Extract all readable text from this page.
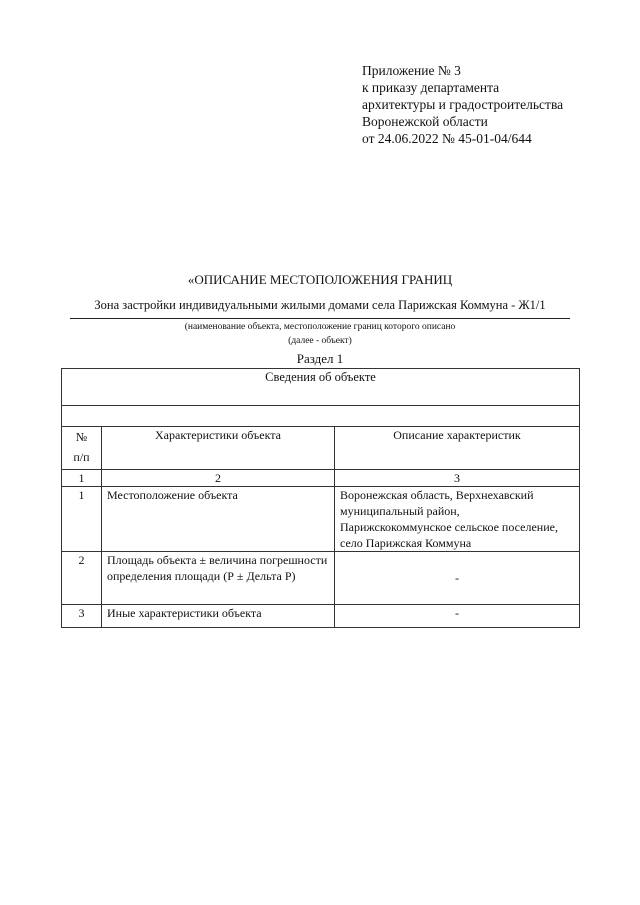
Приложение № 3
к приказу департамента
архитектуры и градостроительства
Воронежской области
от 24.06.2022 № 45-01-04/644
«ОПИСАНИЕ МЕСТОПОЛОЖЕНИЯ ГРАНИЦ
Зона застройки индивидуальными жилыми домами села Парижская Коммуна - Ж1/1
(наименование объекта, местоположение границ которого описано
(далее - объект)
Раздел 1
Сведения об объекте		

№
п/п	Характеристики объекта	Описание характеристик
1	2	3
1	Местоположение объекта	Воронежская область, Верхнехавский муниципальный район, Парижскокоммунское сельское поселение, село Парижская Коммуна
2	Площадь объекта ± величина погрешности определения площади (Р ± Дельта Р)	-
3	Иные характеристики объекта	-
